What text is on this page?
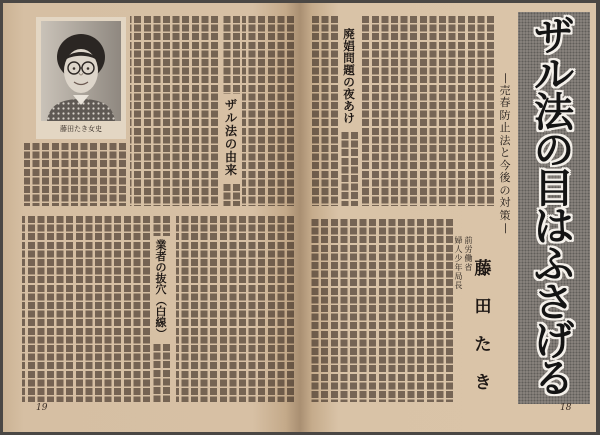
ザ
ル
法
の
目
は
ふ
さ
げ
る
—
売
春
防
止
法
と
今
後
の
対
策
—
前
労
働
省
婦
人
少
年
局
長
藤
田
た
き
廃
娼
問
題
の
夜
あ
け
18
藤田たき女史
ザ
ル
法
の
由
来
業
者
の
抜
穴
（
白
線
）
19
